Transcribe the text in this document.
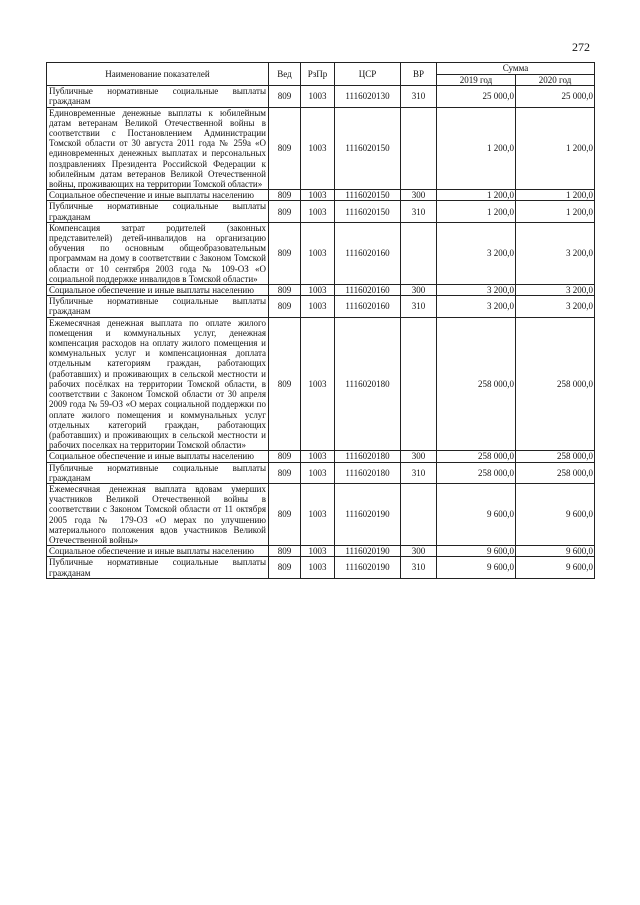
272
Наименование показателей	Вед	РзПр	ЦСР	ВР	Сумма	
					2019 год	2020 год
Публичные нормативные социальные выплаты гражданам	809	1003	1116020130	310	25 000,0	25 000,0
Единовременные денежные выплаты к юбилейным датам ветеранам Великой Отечественной войны в соответствии с Постановлением Администрации Томской области от 30 августа 2011 года № 259а «О единовременных денежных выплатах и персональных поздравлениях Президента Российской Федерации к юбилейным датам ветеранов Великой Отечественной войны, проживающих на территории Томской области»	809	1003	1116020150		1 200,0	1 200,0
Социальное обеспечение и иные выплаты населению	809	1003	1116020150	300	1 200,0	1 200,0
Публичные нормативные социальные выплаты гражданам	809	1003	1116020150	310	1 200,0	1 200,0
Компенсация затрат родителей (законных представителей) детей-инвалидов на организацию обучения по основным общеобразовательным программам на дому в соответствии с Законом Томской области от 10 сентября 2003 года № 109-ОЗ «О социальной поддержке инвалидов в Томской области»	809	1003	1116020160		3 200,0	3 200,0
Социальное обеспечение и иные выплаты населению	809	1003	1116020160	300	3 200,0	3 200,0
Публичные нормативные социальные выплаты гражданам	809	1003	1116020160	310	3 200,0	3 200,0
Ежемесячная денежная выплата по оплате жилого помещения и коммунальных услуг, денежная компенсация расходов на оплату жилого помещения и коммунальных услуг и компенсационная доплата отдельным категориям граждан, работающих (работавших) и проживающих в сельской местности и рабочих посёлках на территории Томской области, в соответствии с Законом Томской области от 30 апреля 2009 года № 59-ОЗ «О мерах социальной поддержки по оплате жилого помещения и коммунальных услуг отдельных категорий граждан, работающих (работавших) и проживающих в сельской местности и рабочих поселках на территории Томской области»	809	1003	1116020180		258 000,0	258 000,0
Социальное обеспечение и иные выплаты населению	809	1003	1116020180	300	258 000,0	258 000,0
Публичные нормативные социальные выплаты гражданам	809	1003	1116020180	310	258 000,0	258 000,0
Ежемесячная денежная выплата вдовам умерших участников Великой Отечественной войны в соответствии с Законом Томской области от 11 октября 2005 года № 179-ОЗ «О мерах по улучшению материального положения вдов участников Великой Отечественной войны»	809	1003	1116020190		9 600,0	9 600,0
Социальное обеспечение и иные выплаты населению	809	1003	1116020190	300	9 600,0	9 600,0
Публичные нормативные социальные выплаты гражданам	809	1003	1116020190	310	9 600,0	9 600,0
